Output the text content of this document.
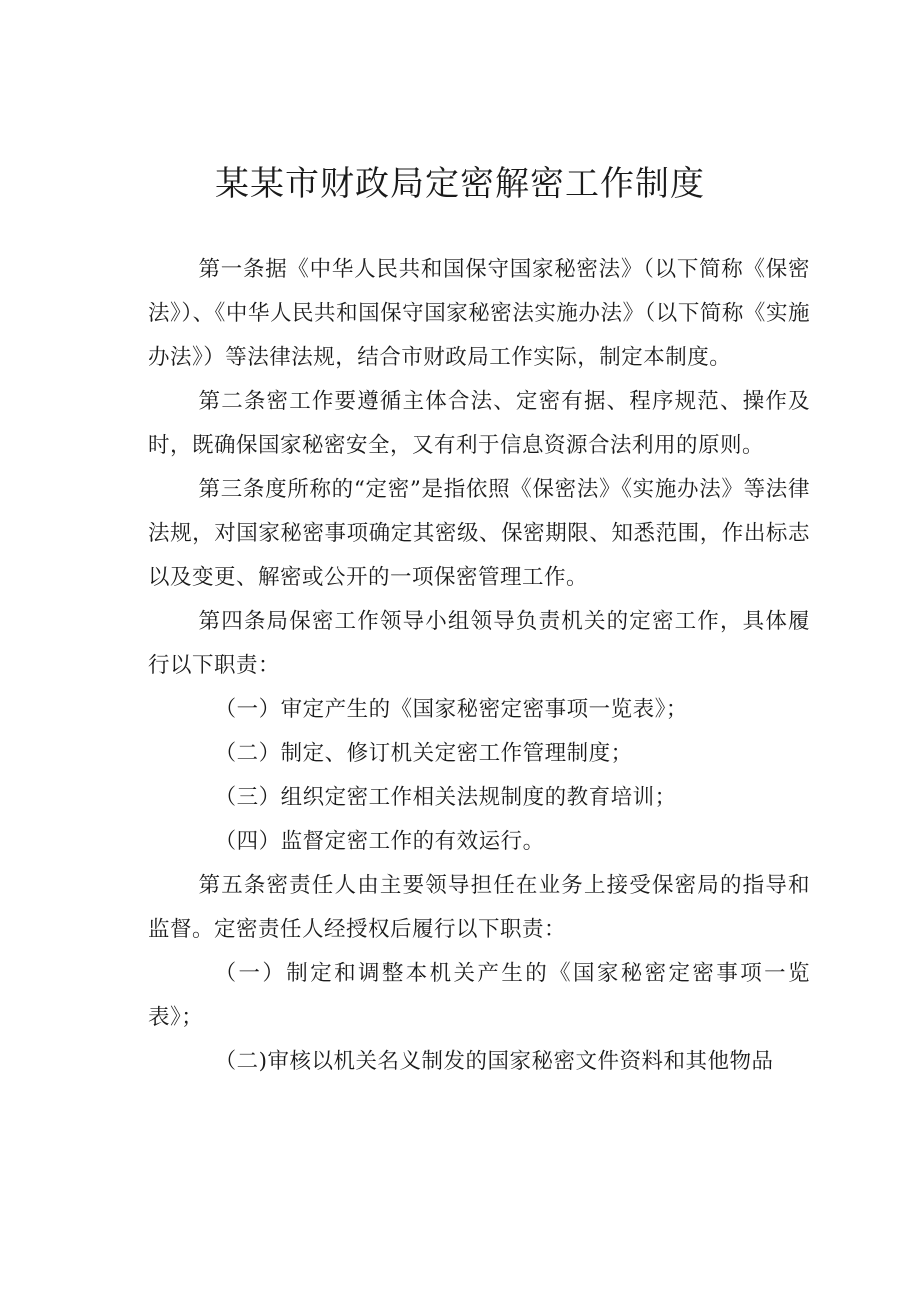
某某市财政局定密解密工作制度

第一条据《中华人民共和国保守国家秘密法》（以下简称《保密法》）、《中华人民共和国保守国家秘密法实施办法》（以下简称《实施办法》）等法律法规，结合市财政局工作实际，制定本制度。

第二条密工作要遵循主体合法、定密有据、程序规范、操作及时，既确保国家秘密安全，又有利于信息资源合法利用的原则。

第三条度所称的“定密”是指依照《保密法》《实施办法》等法律法规，对国家秘密事项确定其密级、保密期限、知悉范围，作出标志以及变更、解密或公开的一项保密管理工作。

第四条局保密工作领导小组领导负责机关的定密工作，具体履行以下职责：

（一）审定产生的《国家秘密定密事项一览表》；

（二）制定、修订机关定密工作管理制度；

（三）组织定密工作相关法规制度的教育培训；

（四）监督定密工作的有效运行。

第五条密责任人由主要领导担任在业务上接受保密局的指导和监督。定密责任人经授权后履行以下职责：

（一）制定和调整本机关产生的《国家秘密定密事项一览表》；

（二)审核以机关名义制发的国家秘密文件资料和其他物品
